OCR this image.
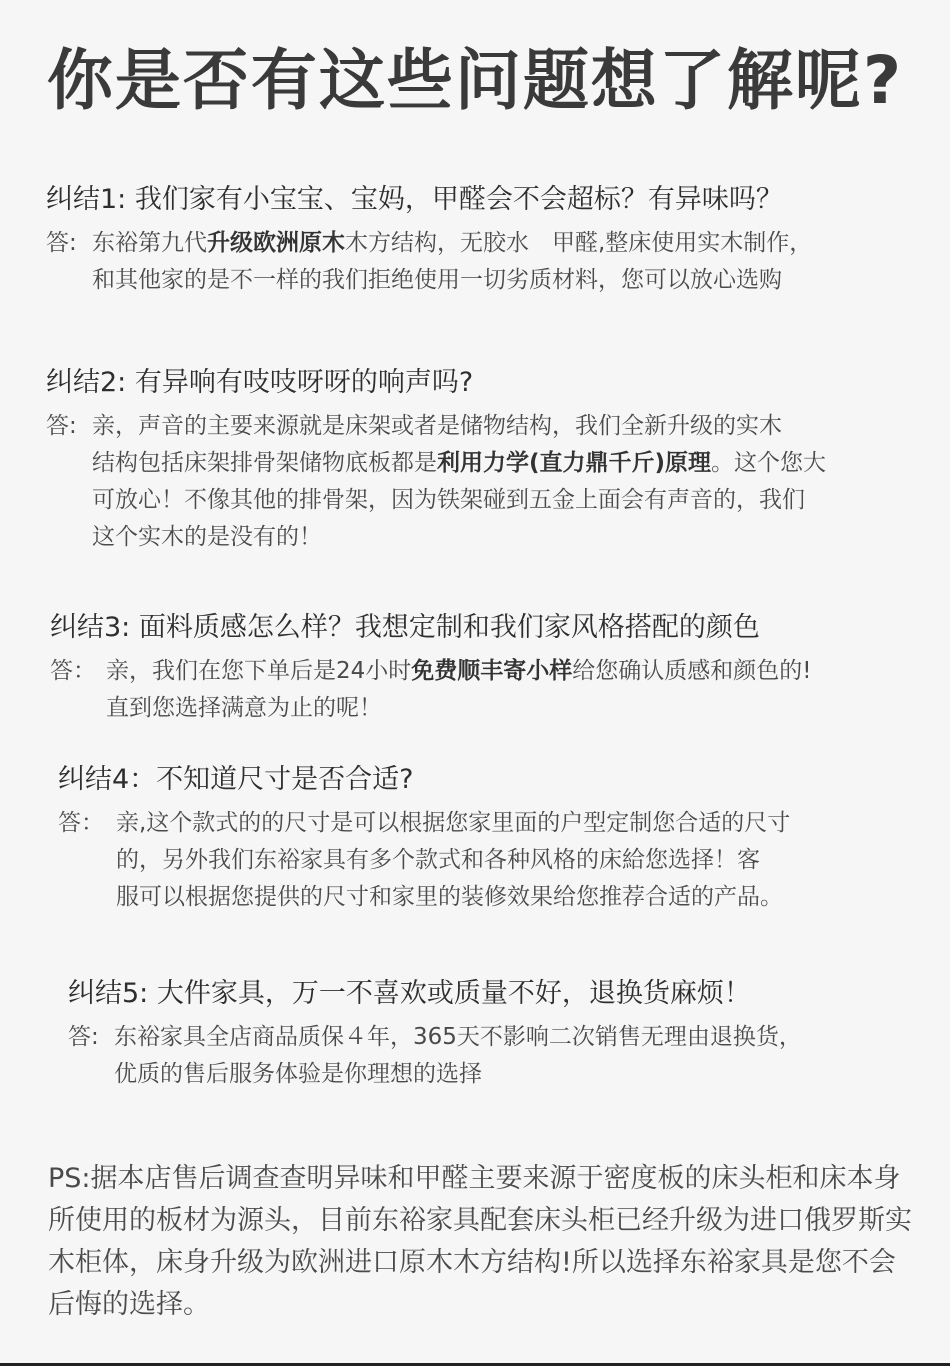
你是否有这些问题想了解呢?
纠结1: 我们家有小宝宝、宝妈，甲醛会不会超标？有异味吗？
答: 东裕第九代升级欧洲原木木方结构，无胶水　甲醛,整床使用实木制作，
和其他家的是不一样的我们拒绝使用一切劣质材料，您可以放心选购
纠结2: 有异响有吱吱呀呀的响声吗?
答: 亲，声音的主要来源就是床架或者是储物结构，我们全新升级的实木
结构包括床架排骨架储物底板都是利用力学(直力鼎千斤)原理。这个您大
可放心！不像其他的排骨架，因为铁架碰到五金上面会有声音的，我们
这个实木的是没有的！
纠结3: 面料质感怎么样？我想定制和我们家风格搭配的颜色
答： 亲，我们在您下单后是24小时免费顺丰寄小样给您确认质感和颜色的!
直到您选择满意为止的呢！
纠结4：不知道尺寸是否合适?
答： 亲,这个款式的的尺寸是可以根据您家里面的户型定制您合适的尺寸
的，另外我们东裕家具有多个款式和各种风格的床給您选择！客
服可以根据您提供的尺寸和家里的装修效果给您推荐合适的产品。
纠结5: 大件家具，万一不喜欢或质量不好，退换货麻烦！
答: 东裕家具全店商品质保４年，365天不影响二次销售无理由退换货，
优质的售后服务体验是你理想的选择
PS:据本店售后调查查明异味和甲醛主要来源于密度板的床头柜和床本身所使用的板材为源头，目前东裕家具配套床头柜已经升级为进口俄罗斯实木柜体，床身升级为欧洲进口原木木方结构!所以选择东裕家具是您不会后悔的选择。
